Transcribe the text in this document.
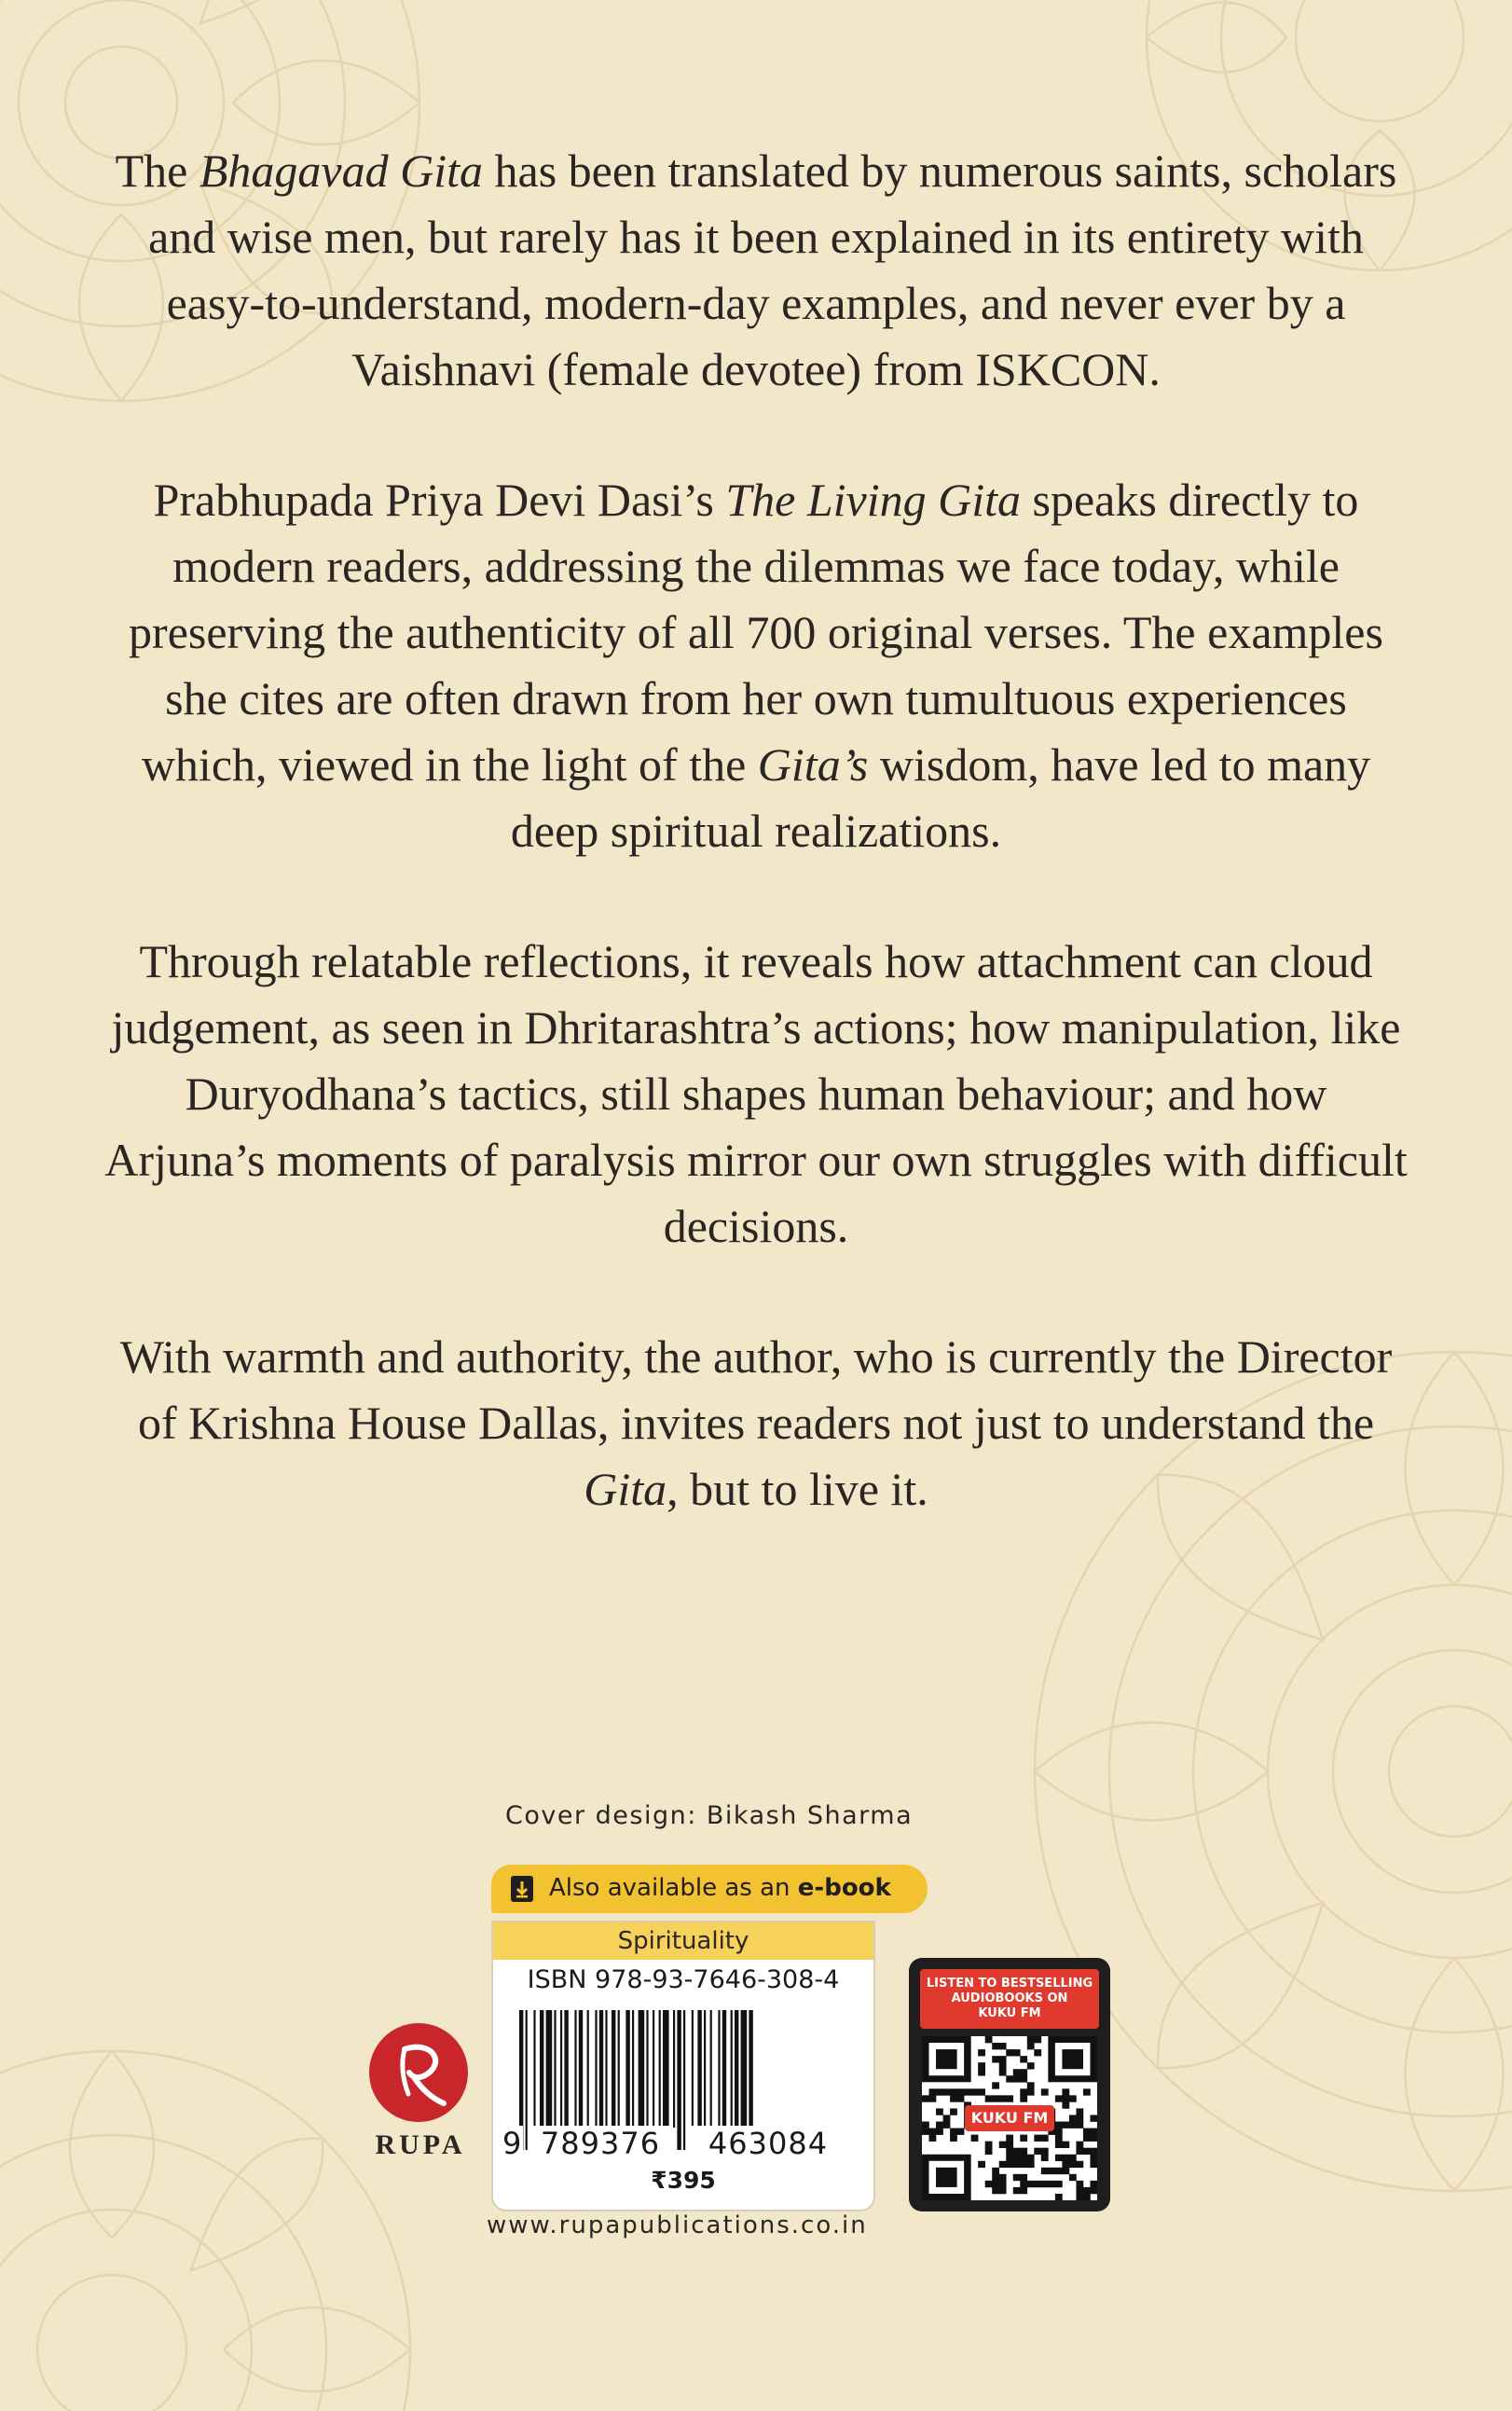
The Bhagavad Gita has been translated by numerous saints, scholars and wise men, but rarely has it been explained in its entirety with easy-to-understand, modern-day examples, and never ever by a Vaishnavi (female devotee) from ISKCON.

Prabhupada Priya Devi Dasi’s The Living Gita speaks directly to modern readers, addressing the dilemmas we face today, while preserving the authenticity of all 700 original verses. The examples she cites are often drawn from her own tumultuous experiences which, viewed in the light of the Gita’s wisdom, have led to many deep spiritual realizations.

Through relatable reflections, it reveals how attachment can cloud judgement, as seen in Dhritarashtra’s actions; how manipulation, like Duryodhana’s tactics, still shapes human behaviour; and how Arjuna’s moments of paralysis mirror our own struggles with difficult decisions.

With warmth and authority, the author, who is currently the Director of Krishna House Dallas, invites readers not just to understand the Gita, but to live it.

Cover design: Bikash Sharma
Also available as an e-book
Spirituality
ISBN 978-93-7646-308-4
9 789376	463084
₹395
RUPA
LISTEN TO BESTSELLING
AUDIOBOOKS ON
KUKU FM
KUKU FM
www.rupapublications.co.in
